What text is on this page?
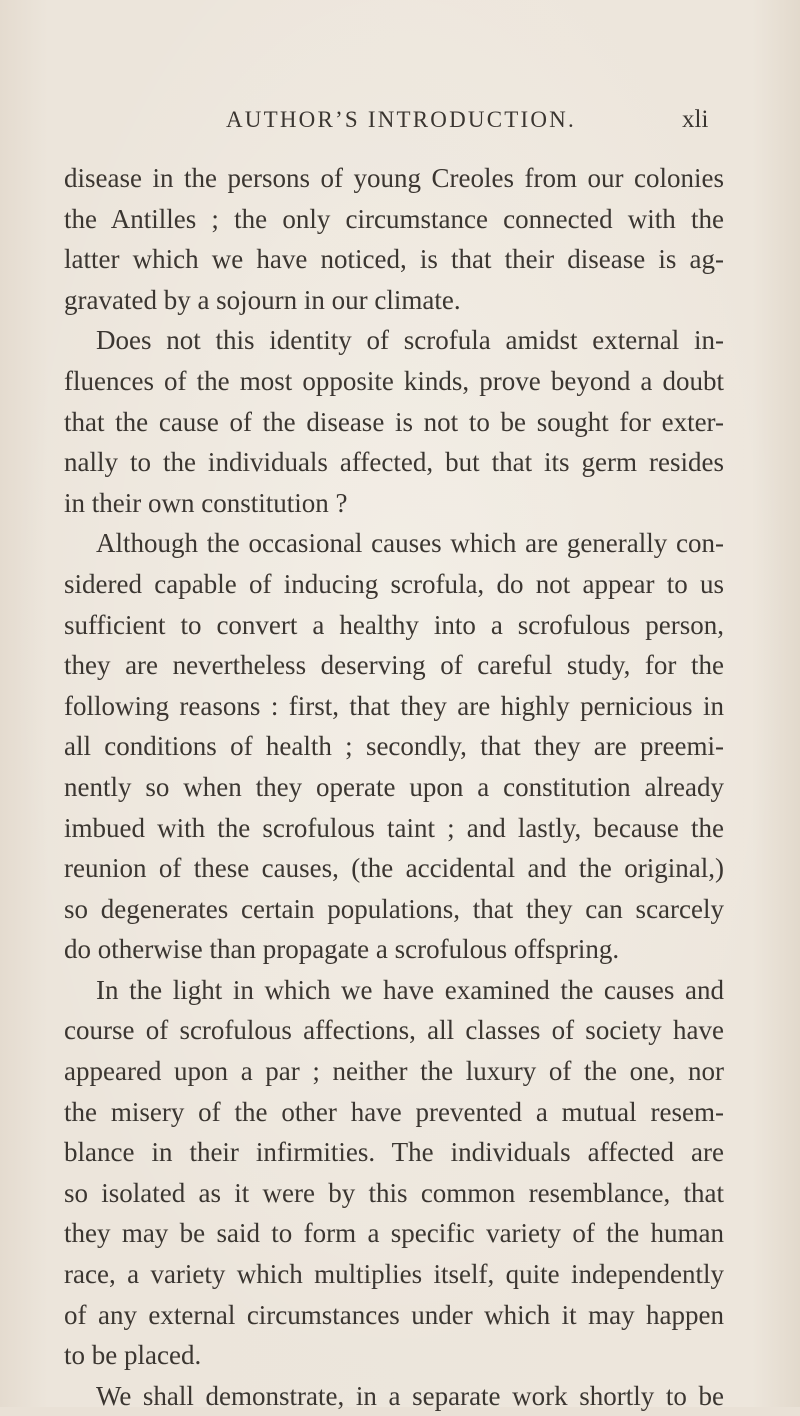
AUTHOR’S INTRODUCTION.	xli
disease in the persons of young Creoles from our colonies
the Antilles ; the only circumstance connected with the
latter which we have noticed, is that their disease is ag-
gravated by a sojourn in our climate.
Does not this identity of scrofula amidst external in-
fluences of the most opposite kinds, prove beyond a doubt
that the cause of the disease is not to be sought for exter-
nally to the individuals affected, but that its germ resides
in their own constitution ?
Although the occasional causes which are generally con-
sidered capable of inducing scrofula, do not appear to us
sufficient to convert a healthy into a scrofulous person,
they are nevertheless deserving of careful study, for the
following reasons : first, that they are highly pernicious in
all conditions of health ; secondly, that they are preemi-
nently so when they operate upon a constitution already
imbued with the scrofulous taint ; and lastly, because the
reunion of these causes, (the accidental and the original,)
so degenerates certain populations, that they can scarcely
do otherwise than propagate a scrofulous offspring.
In the light in which we have examined the causes and
course of scrofulous affections, all classes of society have
appeared upon a par ; neither the luxury of the one, nor
the misery of the other have prevented a mutual resem-
blance in their infirmities. The individuals affected are
so isolated as it were by this common resemblance, that
they may be said to form a specific variety of the human
race, a variety which multiplies itself, quite independently
of any external circumstances under which it may happen
to be placed.
We shall demonstrate, in a separate work shortly to be
